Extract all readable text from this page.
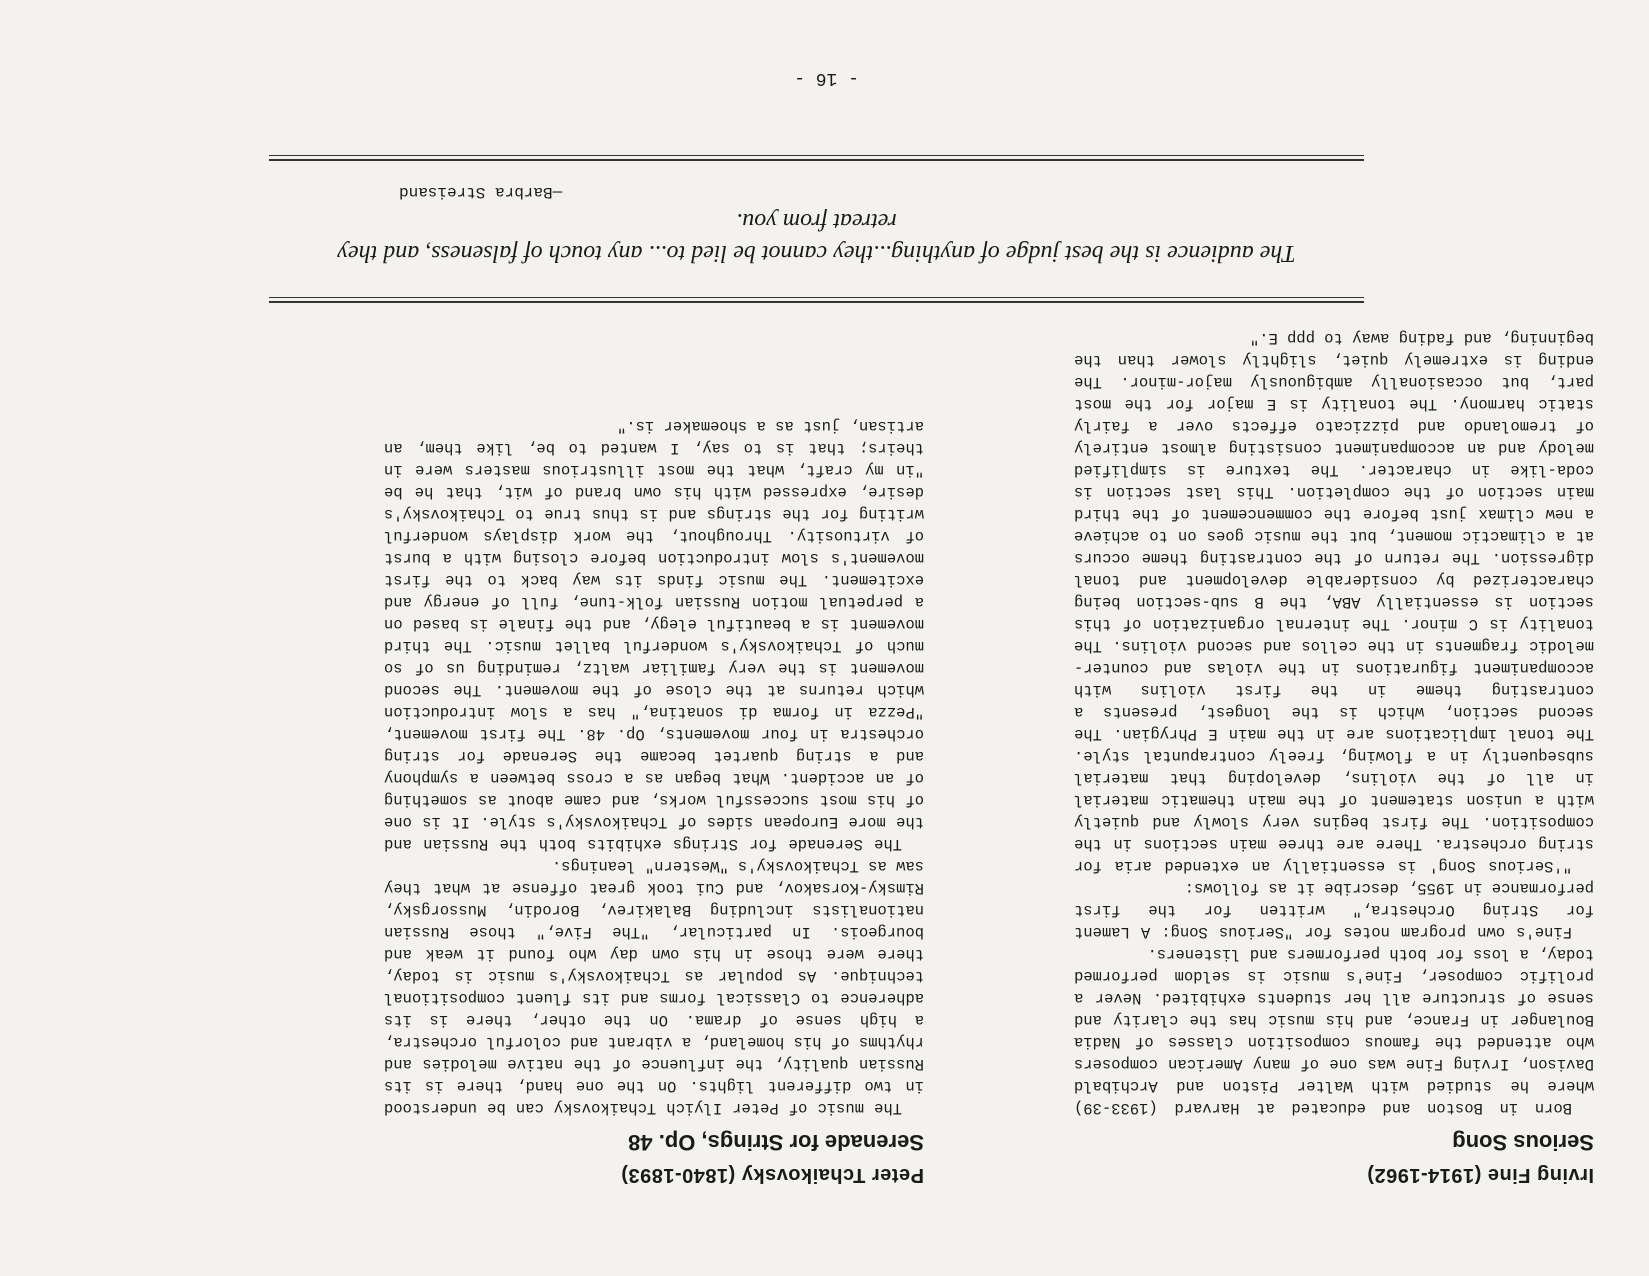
Irving Fine (1914-1962)
Serious Song

Born in Boston and educated at Harvard (1933-39) where he studied with Walter Piston and Archibald Davison, Irving Fine was one of many American composers who attended the famous composition classes of Nadia Boulanger in France, and his music has the clarity and sense of structure all her students exhibited. Never a prolific composer, Fine's music is seldom performed today, a loss for both performers and listeners.

Fine's own program notes for "Serious Song: A Lament for String Orchestra," written for the first performance in 1955, describe it as follows:

"'Serious Song' is essentially an extended aria for string orchestra. There are three main sections in the composition. The first begins very slowly and quietly with a unison statement of the main thematic material in all of the violins, developing that material subsequently in a flowing, freely contrapuntal style. The tonal implications are in the main E Phrygian. The second section, which is the longest, presents a contrasting theme in the first violins with accompaniment figurations in the violas and counter-melodic fragments in the cellos and second violins. The tonality is C minor. The internal organization of this section is essentially ABA, the B sub-section being characterized by considerable development and tonal digression. The return of the contrasting theme occurs at a climactic moment, but the music goes on to achieve a new climax just before the commencement of the third main section of the completion. This last section is coda-like in character. The texture is simplified melody and an accompaniment consisting almost entirely of tremolando and pizzicato effects over a fairly static harmony. The tonality is E major for the most part, but occasionally ambiguously major-minor. The ending is extremely quiet, slightly slower than the beginning, and fading away to ppp E."

Peter Tchaikovsky (1840-1893)
Serenade for Strings, Op. 48

The music of Peter Ilyich Tchaikovsky can be understood in two different lights. On the one hand, there is its Russian quality, the influence of the native melodies and rhythms of his homeland, a vibrant and colorful orchestra, a high sense of drama. On the other, there is its adherence to Classical forms and its fluent compositional technique. As popular as Tchaikovsky's music is today, there were those in his own day who found it weak and bourgeois. In particular, "The Five," those Russian nationalists including Balakirev, Borodin, Mussorgsky, Rimsky-Korsakov, and Cui took great offense at what they saw as Tchaikovsky's "Western" leanings.

The Serenade for Strings exhibits both the Russian and the more European sides of Tchaikovsky's style. It is one of his most successful works, and came about as something of an accident. What began as a cross between a symphony and a string quartet became the Serenade for string orchestra in four movements, Op. 48. The first movement, "Pezza in forma di sonatina," has a slow introduction which returns at the close of the movement. The second movement is the very familiar waltz, reminding us of so much of Tchaikovsky's wonderful ballet music. The third movement is a beautiful elegy, and the finale is based on a perpetual motion Russian folk-tune, full of energy and excitement. The music finds its way back to the first movement's slow introduction before closing with a burst of virtuosity. Throughout, the work displays wonderful writing for the strings and is thus true to Tchaikovsky's desire, expressed with his own brand of wit, that he be "in my craft, what the most illustrious masters were in theirs; that is to say, I wanted to be, like them, an artisan, just as a shoemaker is."

The audience is the best judge of anything...they cannot be lied to... any touch of falseness, and they retreat from you.
—Barbra Streisand
- 16 -
